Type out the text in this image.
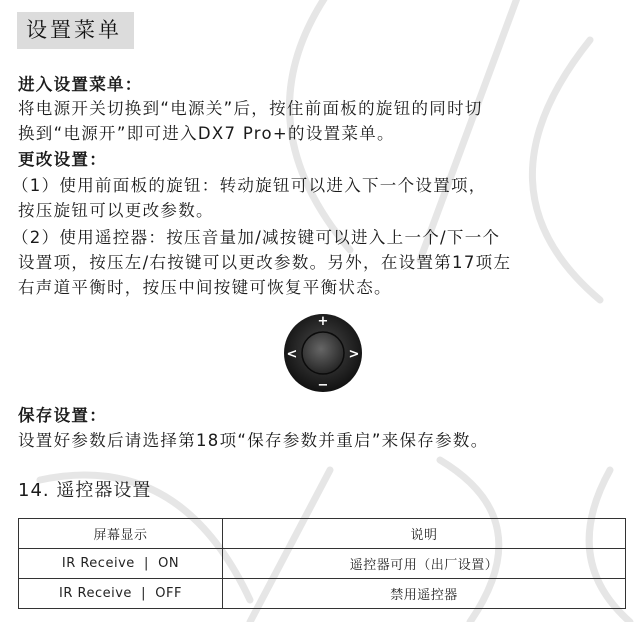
设置菜单
进入设置菜单：
将电源开关切换到“电源关”后，按住前面板的旋钮的同时切
换到“电源开”即可进入DX7 Pro+的设置菜单。
更改设置：
（1）使用前面板的旋钮：转动旋钮可以进入下一个设置项，
按压旋钮可以更改参数。
（2）使用遥控器：按压音量加/减按键可以进入上一个/下一个
设置项，按压左/右按键可以更改参数。另外，在设置第17项左
右声道平衡时，按压中间按键可恢复平衡状态。
+
−
<	>
保存设置：
设置好参数后请选择第18项“保存参数并重启”来保存参数。
14. 遥控器设置
屏幕显示	说明
IR Receive  |  ON	遥控器可用（出厂设置）
IR Receive  |  OFF	禁用遥控器
